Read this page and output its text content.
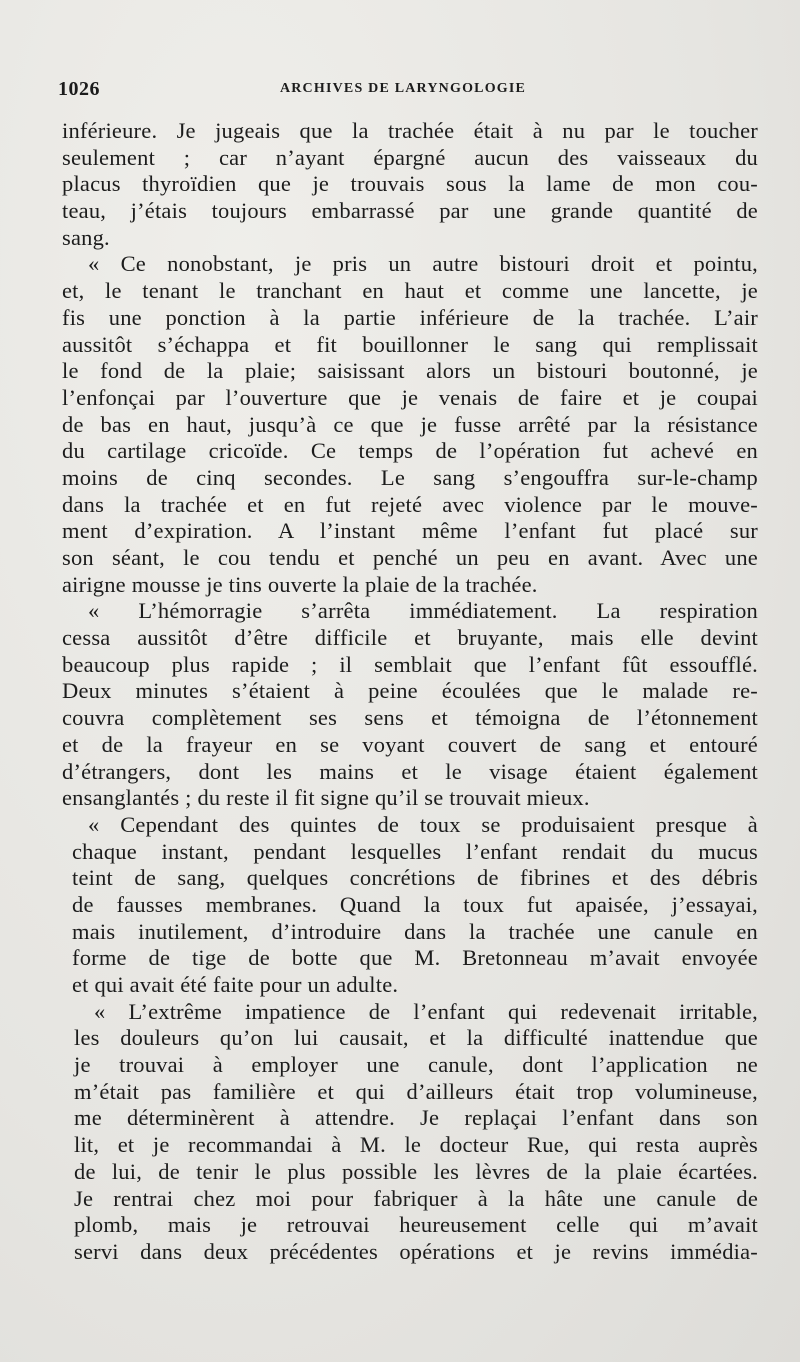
1026	ARCHIVES DE LARYNGOLOGIE
inférieure. Je jugeais que la trachée était à nu par le toucher
seulement ; car n’ayant épargné aucun des vaisseaux du
placus thyroïdien que je trouvais sous la lame de mon cou-
teau, j’étais toujours embarrassé par une grande quantité de
sang.
« Ce nonobstant, je pris un autre bistouri droit et pointu,
et, le tenant le tranchant en haut et comme une lancette, je
fis une ponction à la partie inférieure de la trachée. L’air
aussitôt s’échappa et fit bouillonner le sang qui remplissait
le fond de la plaie; saisissant alors un bistouri boutonné, je
l’enfonçai par l’ouverture que je venais de faire et je coupai
de bas en haut, jusqu’à ce que je fusse arrêté par la résistance
du cartilage cricoïde. Ce temps de l’opération fut achevé en
moins de cinq secondes. Le sang s’engouffra sur-le-champ
dans la trachée et en fut rejeté avec violence par le mouve-
ment d’expiration. A l’instant même l’enfant fut placé sur
son séant, le cou tendu et penché un peu en avant. Avec une
airigne mousse je tins ouverte la plaie de la trachée.
« L’hémorragie s’arrêta immédiatement. La respiration
cessa aussitôt d’être difficile et bruyante, mais elle devint
beaucoup plus rapide ; il semblait que l’enfant fût essoufflé.
Deux minutes s’étaient à peine écoulées que le malade re-
couvra complètement ses sens et témoigna de l’étonnement
et de la frayeur en se voyant couvert de sang et entouré
d’étrangers, dont les mains et le visage étaient également
ensanglantés ; du reste il fit signe qu’il se trouvait mieux.
« Cependant des quintes de toux se produisaient presque à
chaque instant, pendant lesquelles l’enfant rendait du mucus
teint de sang, quelques concrétions de fibrines et des débris
de fausses membranes. Quand la toux fut apaisée, j’essayai,
mais inutilement, d’introduire dans la trachée une canule en
forme de tige de botte que M. Bretonneau m’avait envoyée
et qui avait été faite pour un adulte.
« L’extrême impatience de l’enfant qui redevenait irritable,
les douleurs qu’on lui causait, et la difficulté inattendue que
je trouvai à employer une canule, dont l’application ne
m’était pas familière et qui d’ailleurs était trop volumineuse,
me déterminèrent à attendre. Je replaçai l’enfant dans son
lit, et je recommandai à M. le docteur Rue, qui resta auprès
de lui, de tenir le plus possible les lèvres de la plaie écartées.
Je rentrai chez moi pour fabriquer à la hâte une canule de
plomb, mais je retrouvai heureusement celle qui m’avait
servi dans deux précédentes opérations et je revins immédia-
